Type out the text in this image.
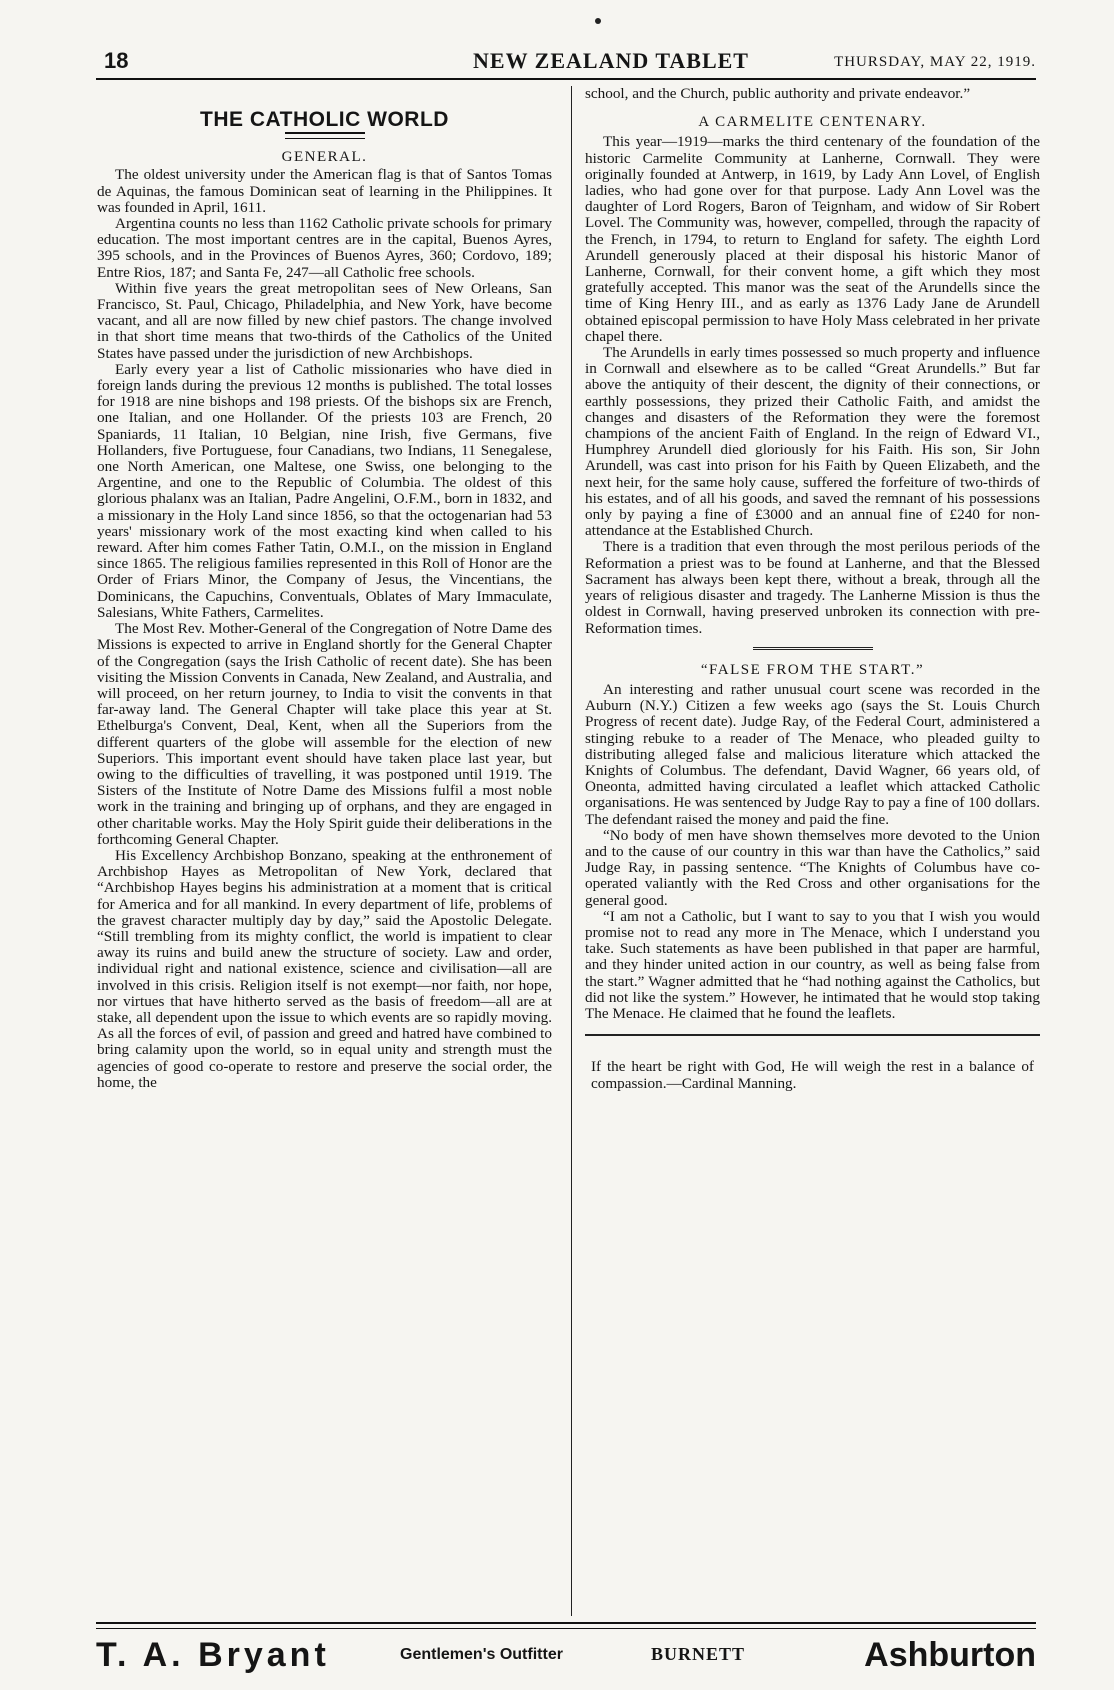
18	NEW ZEALAND TABLET	THURSDAY, MAY 22, 1919.
THE CATHOLIC WORLD
GENERAL.

The oldest university under the American flag is that of Santos Tomas de Aquinas, the famous Dominican seat of learning in the Philippines. It was founded in April, 1611.

Argentina counts no less than 1162 Catholic private schools for primary education. The most important centres are in the capital, Buenos Ayres, 395 schools, and in the Provinces of Buenos Ayres, 360; Cordovo, 189; Entre Rios, 187; and Santa Fe, 247—all Catholic free schools.

Within five years the great metropolitan sees of New Orleans, San Francisco, St. Paul, Chicago, Philadelphia, and New York, have become vacant, and all are now filled by new chief pastors. The change involved in that short time means that two-thirds of the Catholics of the United States have passed under the jurisdiction of new Archbishops.

Early every year a list of Catholic missionaries who have died in foreign lands during the previous 12 months is published. The total losses for 1918 are nine bishops and 198 priests. Of the bishops six are French, one Italian, and one Hollander. Of the priests 103 are French, 20 Spaniards, 11 Italian, 10 Belgian, nine Irish, five Germans, five Hollanders, five Portuguese, four Canadians, two Indians, 11 Senegalese, one North American, one Maltese, one Swiss, one belonging to the Argentine, and one to the Republic of Columbia. The oldest of this glorious phalanx was an Italian, Padre Angelini, O.F.M., born in 1832, and a missionary in the Holy Land since 1856, so that the octogenarian had 53 years' missionary work of the most exacting kind when called to his reward. After him comes Father Tatin, O.M.I., on the mission in England since 1865. The religious families represented in this Roll of Honor are the Order of Friars Minor, the Company of Jesus, the Vincentians, the Dominicans, the Capuchins, Conventuals, Oblates of Mary Immaculate, Salesians, White Fathers, Carmelites.

The Most Rev. Mother-General of the Congregation of Notre Dame des Missions is expected to arrive in England shortly for the General Chapter of the Congregation (says the Irish Catholic of recent date). She has been visiting the Mission Convents in Canada, New Zealand, and Australia, and will proceed, on her return journey, to India to visit the convents in that far-away land. The General Chapter will take place this year at St. Ethelburga's Convent, Deal, Kent, when all the Superiors from the different quarters of the globe will assemble for the election of new Superiors. This important event should have taken place last year, but owing to the difficulties of travelling, it was postponed until 1919. The Sisters of the Institute of Notre Dame des Missions fulfil a most noble work in the training and bringing up of orphans, and they are engaged in other charitable works. May the Holy Spirit guide their deliberations in the forthcoming General Chapter.

His Excellency Archbishop Bonzano, speaking at the enthronement of Archbishop Hayes as Metropolitan of New York, declared that “Archbishop Hayes begins his administration at a moment that is critical for America and for all mankind. In every department of life, problems of the gravest character multiply day by day,” said the Apostolic Delegate. “Still trembling from its mighty conflict, the world is impatient to clear away its ruins and build anew the structure of society. Law and order, individual right and national existence, science and civilisation—all are involved in this crisis. Religion itself is not exempt—nor faith, nor hope, nor virtues that have hitherto served as the basis of freedom—all are at stake, all dependent upon the issue to which events are so rapidly moving. As all the forces of evil, of passion and greed and hatred have combined to bring calamity upon the world, so in equal unity and strength must the agencies of good co-operate to restore and preserve the social order, the home, the

school, and the Church, public authority and private endeavor.”

A CARMELITE CENTENARY.

This year—1919—marks the third centenary of the foundation of the historic Carmelite Community at Lanherne, Cornwall. They were originally founded at Antwerp, in 1619, by Lady Ann Lovel, of English ladies, who had gone over for that purpose. Lady Ann Lovel was the daughter of Lord Rogers, Baron of Teignham, and widow of Sir Robert Lovel. The Community was, however, compelled, through the rapacity of the French, in 1794, to return to England for safety. The eighth Lord Arundell generously placed at their disposal his historic Manor of Lanherne, Cornwall, for their convent home, a gift which they most gratefully accepted. This manor was the seat of the Arundells since the time of King Henry III., and as early as 1376 Lady Jane de Arundell obtained episcopal permission to have Holy Mass celebrated in her private chapel there.

The Arundells in early times possessed so much property and influence in Cornwall and elsewhere as to be called “Great Arundells.” But far above the antiquity of their descent, the dignity of their connections, or earthly possessions, they prized their Catholic Faith, and amidst the changes and disasters of the Reformation they were the foremost champions of the ancient Faith of England. In the reign of Edward VI., Humphrey Arundell died gloriously for his Faith. His son, Sir John Arundell, was cast into prison for his Faith by Queen Elizabeth, and the next heir, for the same holy cause, suffered the forfeiture of two-thirds of his estates, and of all his goods, and saved the remnant of his possessions only by paying a fine of £3000 and an annual fine of £240 for non-attendance at the Established Church.

There is a tradition that even through the most perilous periods of the Reformation a priest was to be found at Lanherne, and that the Blessed Sacrament has always been kept there, without a break, through all the years of religious disaster and tragedy. The Lanherne Mission is thus the oldest in Cornwall, having preserved unbroken its connection with pre-Reformation times.

“FALSE FROM THE START.”

An interesting and rather unusual court scene was recorded in the Auburn (N.Y.) Citizen a few weeks ago (says the St. Louis Church Progress of recent date). Judge Ray, of the Federal Court, administered a stinging rebuke to a reader of The Menace, who pleaded guilty to distributing alleged false and malicious literature which attacked the Knights of Columbus. The defendant, David Wagner, 66 years old, of Oneonta, admitted having circulated a leaflet which attacked Catholic organisations. He was sentenced by Judge Ray to pay a fine of 100 dollars. The defendant raised the money and paid the fine.

“No body of men have shown themselves more devoted to the Union and to the cause of our country in this war than have the Catholics,” said Judge Ray, in passing sentence. “The Knights of Columbus have co-operated valiantly with the Red Cross and other organisations for the general good.

“I am not a Catholic, but I want to say to you that I wish you would promise not to read any more in The Menace, which I understand you take. Such statements as have been published in that paper are harmful, and they hinder united action in our country, as well as being false from the start.” Wagner admitted that he “had nothing against the Catholics, but did not like the system.” However, he intimated that he would stop taking The Menace. He claimed that he found the leaflets.

If the heart be right with God, He will weigh the rest in a balance of compassion.—Cardinal Manning.
T. A. Bryant	Gentlemen's Outfitter	BURNETT	Ashburton
